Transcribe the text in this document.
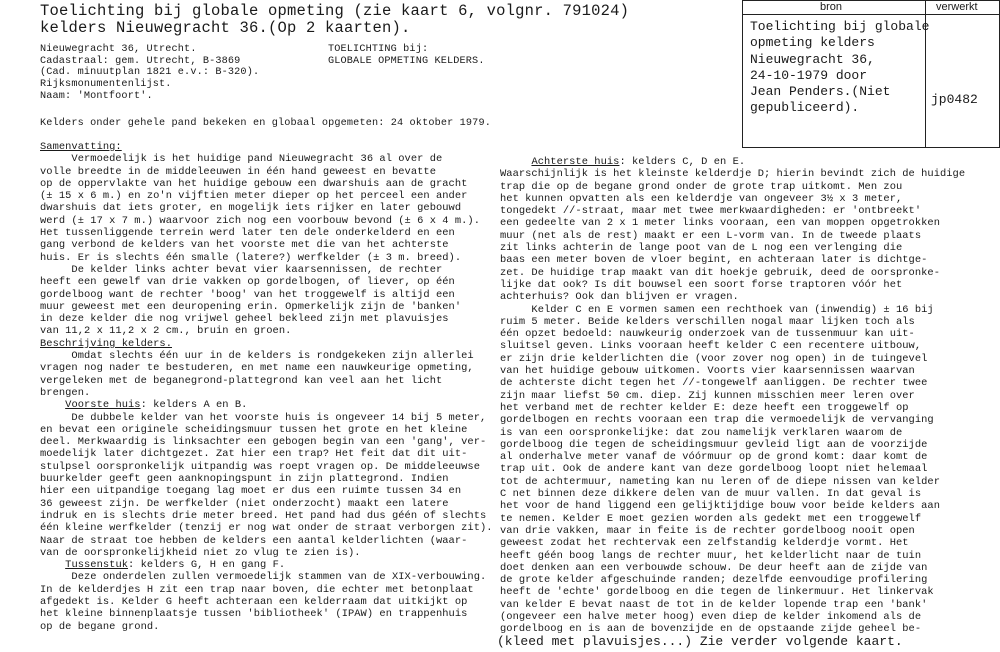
Toelichting bij globale opmeting (zie kaart 6, volgnr. 791024)
kelders Nieuwegracht 36.(Op 2 kaarten).
bron	verwerkt
Toelichting bij globale
opmeting kelders
Nieuwegracht 36,
24-10-1979 door
Jean Penders.(Niet
gepubliceerd).
jp0482
Nieuwegracht 36, Utrecht.
Cadastraal: gem. Utrecht, B-3869
(Cad. minuutplan 1821 e.v.: B-320).
Rijksmonumentenlijst.
Naam: 'Montfoort'.
TOELICHTING bij:
GLOBALE OPMETING KELDERS.
Kelders onder gehele pand bekeken en globaal opgemeten: 24 oktober 1979.
Samenvatting:
Vermoedelijk is het huidige pand Nieuwegracht 36 al over de
volle breedte in de middeleeuwen in één hand geweest en bevatte
op de oppervlakte van het huidige gebouw een dwarshuis aan de gracht
(± 15 x 6 m.) en zo'n vijftien meter dieper op het perceel een ander
dwarshuis dat iets groter, en mogelijk iets rijker en later gebouwd
werd (± 17 x 7 m.) waarvoor zich nog een voorbouw bevond (± 6 x 4 m.).
Het tussenliggende terrein werd later ten dele onderkelderd en een
gang verbond de kelders van het voorste met die van het achterste
huis. Er is slechts één smalle (latere?) werfkelder (± 3 m. breed).
De kelder links achter bevat vier kaarsennissen, de rechter
heeft een gewelf van drie vakken op gordelbogen, of liever, op één
gordelboog want de rechter 'boog' van het troggewelf is altijd een
muur geweest met een deuropening erin. Opmerkelijk zijn de 'banken'
in deze kelder die nog vrijwel geheel bekleed zijn met plavuisjes
van 11,2 x 11,2 x 2 cm., bruin en groen.
Beschrijving kelders.
Omdat slechts één uur in de kelders is rondgekeken zijn allerlei
vragen nog nader te bestuderen, en met name een nauwkeurige opmeting,
vergeleken met de beganegrond-plattegrond kan veel aan het licht
brengen.
Voorste huis: kelders A en B.
De dubbele kelder van het voorste huis is ongeveer 14 bij 5 meter,
en bevat een originele scheidingsmuur tussen het grote en het kleine
deel. Merkwaardig is linksachter een gebogen begin van een 'gang', ver-
moedelijk later dichtgezet. Zat hier een trap? Het feit dat dit uit-
stulpsel oorspronkelijk uitpandig was roept vragen op. De middeleeuwse
buurkelder geeft geen aanknopingspunt in zijn plattegrond. Indien
hier een uitpandige toegang lag moet er dus een ruimte tussen 34 en
36 geweest zijn. De werfkelder (niet onderzocht) maakt een latere
indruk en is slechts drie meter breed. Het pand had dus géén of slechts
één kleine werfkelder (tenzij er nog wat onder de straat verborgen zit).
Naar de straat toe hebben de kelders een aantal kelderlichten (waar-
van de oorspronkelijkheid niet zo vlug te zien is).
Tussenstuk: kelders G, H en gang F.
Deze onderdelen zullen vermoedelijk stammen van de XIX-verbouwing.
In de kelderdjes H zit een trap naar boven, die echter met betonplaat
afgedekt is. Kelder G heeft achteraan een kelderraam dat uitkijkt op
het kleine binnenplaatsje tussen 'bibliotheek' (IPAW) en trappenhuis
op de begane grond.
Achterste huis: kelders C, D en E.
Waarschijnlijk is het kleinste kelderdje D; hierin bevindt zich de huidige
trap die op de begane grond onder de grote trap uitkomt. Men zou
het kunnen opvatten als een kelderdje van ongeveer 3½ x 3 meter,
tongedekt //-straat, maar met twee merkwaardigheden: er 'ontbreekt'
een gedeelte van 2 x 1 meter links vooraan, een van moppen opgetrokken
muur (net als de rest) maakt er een L-vorm van. In de tweede plaats
zit links achterin de lange poot van de L nog een verlenging die
baas een meter boven de vloer begint, en achteraan later is dichtge-
zet. De huidige trap maakt van dit hoekje gebruik, deed de oorspronke-
lijke dat ook? Is dit bouwsel een soort forse traptoren vóór het
achterhuis? Ook dan blijven er vragen.
Kelder C en E vormen samen een rechthoek van (inwendig) ± 16 bij
ruim 5 meter. Beide kelders verschillen nogal maar lijken toch als
één opzet bedoeld: nauwkeurig onderzoek van de tussenmuur kan uit-
sluitsel geven. Links vooraan heeft kelder C een recentere uitbouw,
er zijn drie kelderlichten die (voor zover nog open) in de tuingevel
van het huidige gebouw uitkomen. Voorts vier kaarsennissen waarvan
de achterste dicht tegen het //-tongewelf aanliggen. De rechter twee
zijn maar liefst 50 cm. diep. Zij kunnen misschien meer leren over
het verband met de rechter kelder E: deze heeft een troggewelf op
gordelbogen en rechts vooraan een trap die vermoedelijk de vervanging
is van een oorspronkelijke: dat zou namelijk verklaren waarom de
gordelboog die tegen de scheidingsmuur gevleid ligt aan de voorzijde
al onderhalve meter vanaf de vóórmuur op de grond komt: daar komt de
trap uit. Ook de andere kant van deze gordelboog loopt niet helemaal
tot de achtermuur, nameting kan nu leren of de diepe nissen van kelder
C net binnen deze dikkere delen van de muur vallen. In dat geval is
het voor de hand liggend een gelijktijdige bouw voor beide kelders aan
te nemen. Kelder E moet gezien worden als gedekt met een troggewelf
van drie vakken, maar in feite is de rechter gordelboog nooit open
geweest zodat het rechtervak een zelfstandig kelderdje vormt. Het
heeft géén boog langs de rechter muur, het kelderlicht naar de tuin
doet denken aan een verbouwde schouw. De deur heeft aan de zijde van
de grote kelder afgeschuinde randen; dezelfde eenvoudige profilering
heeft de 'echte' gordelboog en die tegen de linkermuur. Het linkervak
van kelder E bevat naast de tot in de kelder lopende trap een 'bank'
(ongeveer een halve meter hoog) even diep de kelder inkomend als de
gordelboog en is aan de bovenzijde en de opstaande zijde geheel be-
(kleed met plavuisjes...) Zie verder volgende kaart.
